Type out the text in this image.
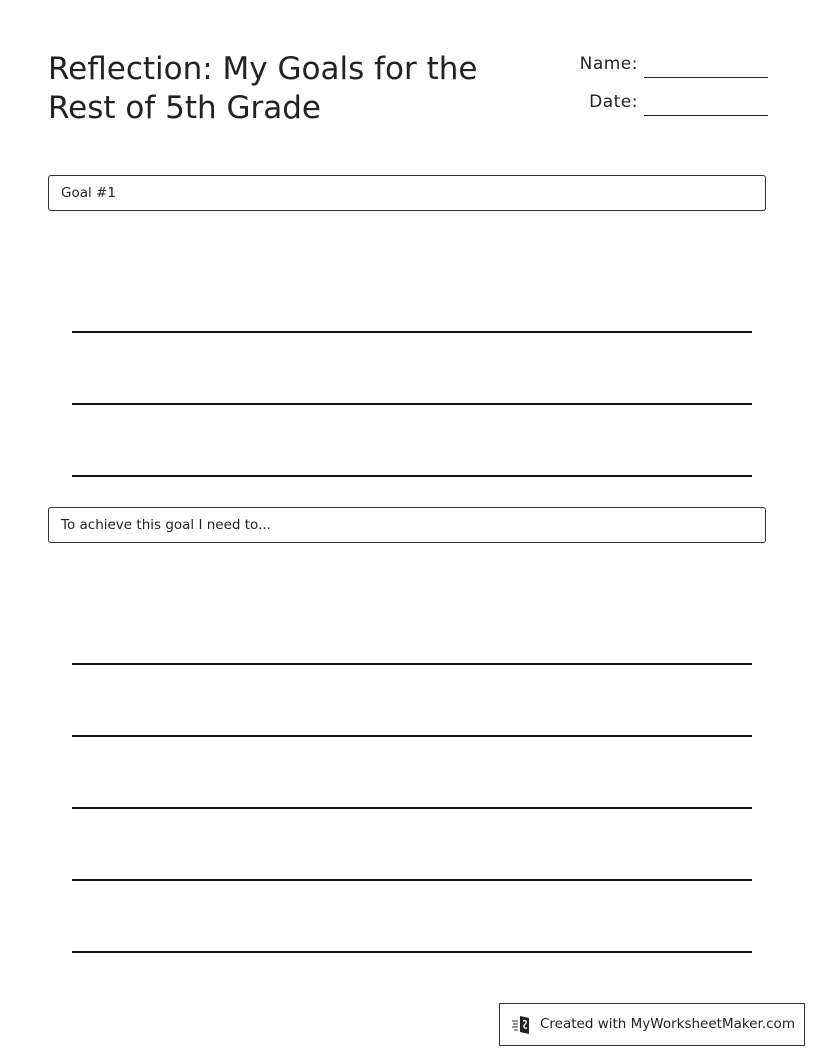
Reflection: My Goals for the Rest of 5th Grade
Name:
Date:
Goal #1
To achieve this goal I need to...
Created with MyWorksheetMaker.com
